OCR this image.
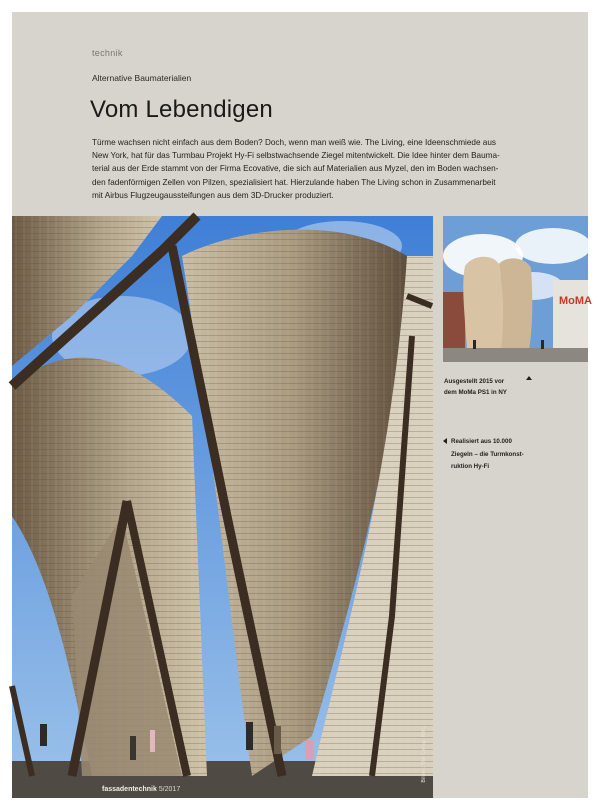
technik
Alternative Baumaterialien
Vom Lebendigen

Türme wachsen nicht einfach aus dem Boden? Doch, wenn man weiß wie. The Living, eine Ideenschmiede aus
New York, hat für das Turmbau Projekt Hy-Fi selbstwachsende Ziegel mitentwickelt. Die Idee hinter dem Bauma-
terial aus der Erde stammt von der Firma Ecovative, die sich auf Materialien aus Myzel, den im Boden wachsen-
den fadenförmigen Zellen von Pilzen, spezialisiert hat. Hierzulande haben The Living schon in Zusammenarbeit
mit Airbus Flugzeugaussteifungen aus dem 3D-Drucker produziert.

Bilder: The Living, NYC
fassadentechnik 5/2017
MoMA
Ausgestellt 2015 vor
dem MoMa PS1 in NY
Realisiert aus 10.000
Ziegeln – die Turmkonst-
ruktion Hy-Fi
